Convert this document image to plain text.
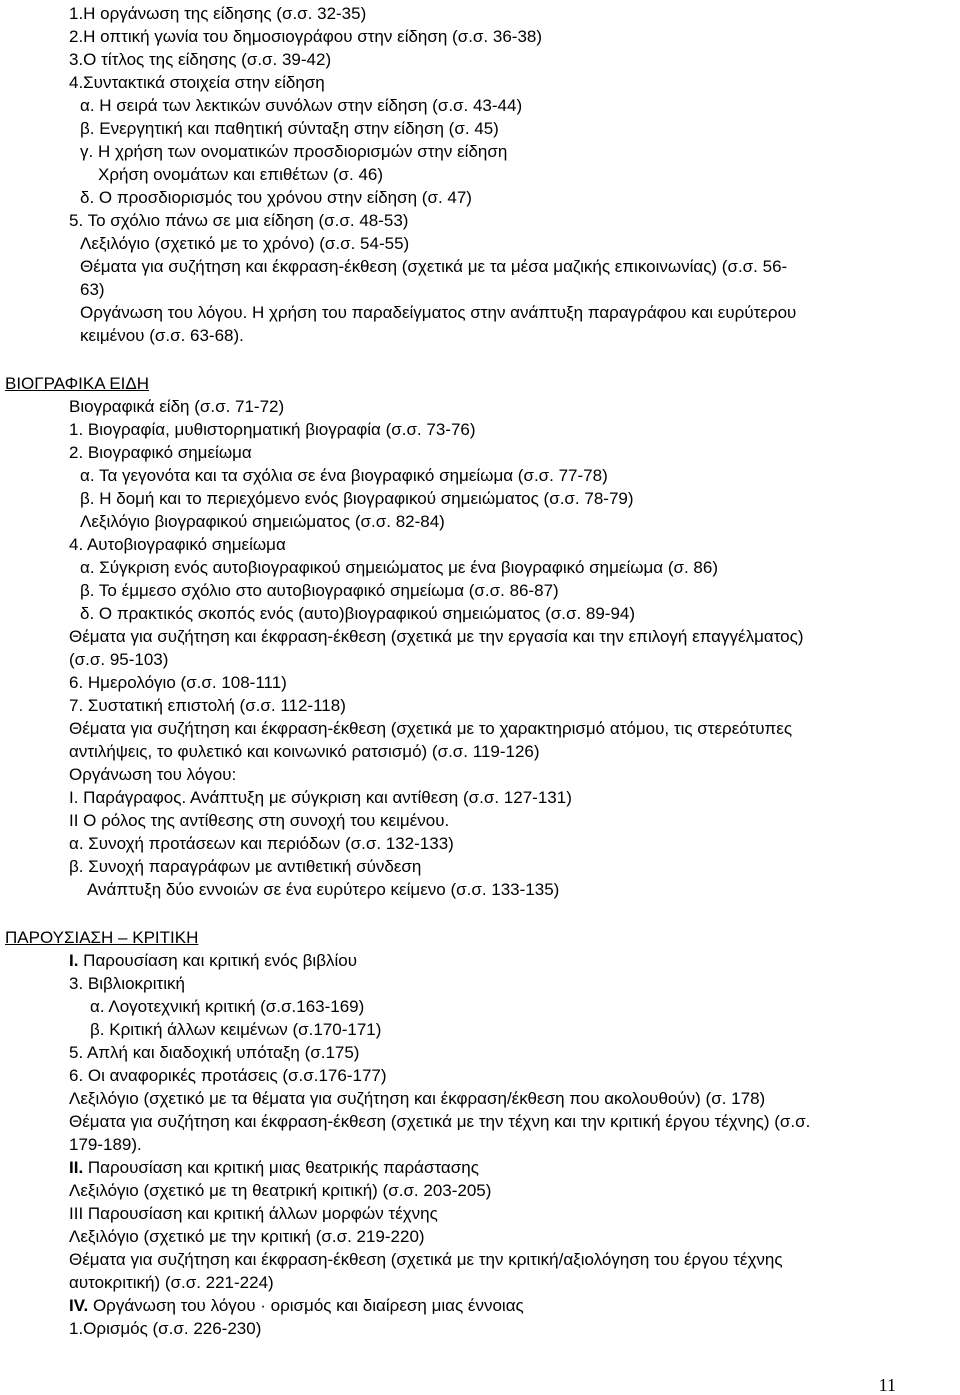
1.Η οργάνωση της είδησης (σ.σ. 32-35)
2.Η οπτική γωνία του δημοσιογράφου στην είδηση (σ.σ. 36-38)
3.Ο τίτλος της είδησης (σ.σ. 39-42)
4.Συντακτικά στοιχεία στην είδηση
α. Η σειρά των λεκτικών συνόλων στην είδηση (σ.σ. 43-44)
β. Ενεργητική και παθητική σύνταξη στην είδηση (σ. 45)
γ. Η χρήση των ονοματικών προσδιορισμών στην είδηση
Χρήση ονομάτων και επιθέτων (σ. 46)
δ. Ο προσδιορισμός του χρόνου στην είδηση (σ. 47)
5. Το σχόλιο πάνω σε μια είδηση (σ.σ. 48-53)
Λεξιλόγιο (σχετικό με το χρόνο) (σ.σ. 54-55)
Θέματα για συζήτηση και έκφραση-έκθεση (σχετικά με τα μέσα μαζικής επικοινωνίας) (σ.σ. 56-
63)
Οργάνωση του λόγου. Η χρήση του παραδείγματος στην ανάπτυξη παραγράφου και ευρύτερου
κειμένου (σ.σ. 63-68).
ΒΙΟΓΡΑΦΙΚΑ ΕΙΔΗ
Βιογραφικά είδη (σ.σ. 71-72)
1. Βιογραφία, μυθιστορηματική βιογραφία (σ.σ. 73-76)
2. Βιογραφικό σημείωμα
α. Τα γεγονότα και τα σχόλια σε ένα βιογραφικό σημείωμα (σ.σ. 77-78)
β. Η δομή και το περιεχόμενο ενός βιογραφικού σημειώματος (σ.σ. 78-79)
Λεξιλόγιο βιογραφικού σημειώματος (σ.σ. 82-84)
4. Αυτοβιογραφικό σημείωμα
α. Σύγκριση ενός αυτοβιογραφικού σημειώματος με ένα βιογραφικό σημείωμα (σ. 86)
β. Το έμμεσο σχόλιο στο αυτοβιογραφικό σημείωμα (σ.σ. 86-87)
δ. Ο πρακτικός σκοπός ενός (αυτο)βιογραφικού σημειώματος (σ.σ. 89-94)
Θέματα για συζήτηση και έκφραση-έκθεση (σχετικά με την εργασία και την επιλογή επαγγέλματος)
(σ.σ. 95-103)
6. Ημερολόγιο (σ.σ. 108-111)
7. Συστατική επιστολή (σ.σ. 112-118)
Θέματα για συζήτηση και έκφραση-έκθεση (σχετικά με το χαρακτηρισμό ατόμου, τις στερεότυπες
αντιλήψεις, το φυλετικό και κοινωνικό ρατσισμό) (σ.σ. 119-126)
Οργάνωση του λόγου:
Ι. Παράγραφος. Ανάπτυξη με σύγκριση και αντίθεση (σ.σ. 127-131)
ΙΙ Ο ρόλος της αντίθεσης στη συνοχή του κειμένου.
α. Συνοχή προτάσεων και περιόδων (σ.σ. 132-133)
β. Συνοχή παραγράφων με αντιθετική σύνδεση
Ανάπτυξη δύο εννοιών σε ένα ευρύτερο κείμενο (σ.σ. 133-135)
ΠΑΡΟΥΣΙΑΣΗ – ΚΡΙΤΙΚΗ
Ι. Παρουσίαση και κριτική ενός βιβλίου
3. Βιβλιοκριτική
α. Λογοτεχνική κριτική (σ.σ.163-169)
β. Κριτική άλλων κειμένων (σ.170-171)
5. Απλή και διαδοχική υπόταξη (σ.175)
6. Οι αναφορικές προτάσεις (σ.σ.176-177)
Λεξιλόγιο (σχετικό με τα θέματα για συζήτηση και έκφραση/έκθεση που ακολουθούν) (σ. 178)
Θέματα για συζήτηση και έκφραση-έκθεση (σχετικά με την τέχνη και την κριτική έργου τέχνης) (σ.σ.
179-189).
ΙΙ. Παρουσίαση και κριτική μιας θεατρικής παράστασης
Λεξιλόγιο (σχετικό με τη θεατρική κριτική) (σ.σ. 203-205)
ΙΙΙ Παρουσίαση και κριτική άλλων μορφών τέχνης
Λεξιλόγιο (σχετικό με την κριτική (σ.σ. 219-220)
Θέματα για συζήτηση και έκφραση-έκθεση (σχετικά με την κριτική/αξιολόγηση του έργου τέχνης
αυτοκριτική) (σ.σ. 221-224)
ΙV. Οργάνωση του λόγου · ορισμός και διαίρεση μιας έννοιας
1.Ορισμός (σ.σ. 226-230)
11
